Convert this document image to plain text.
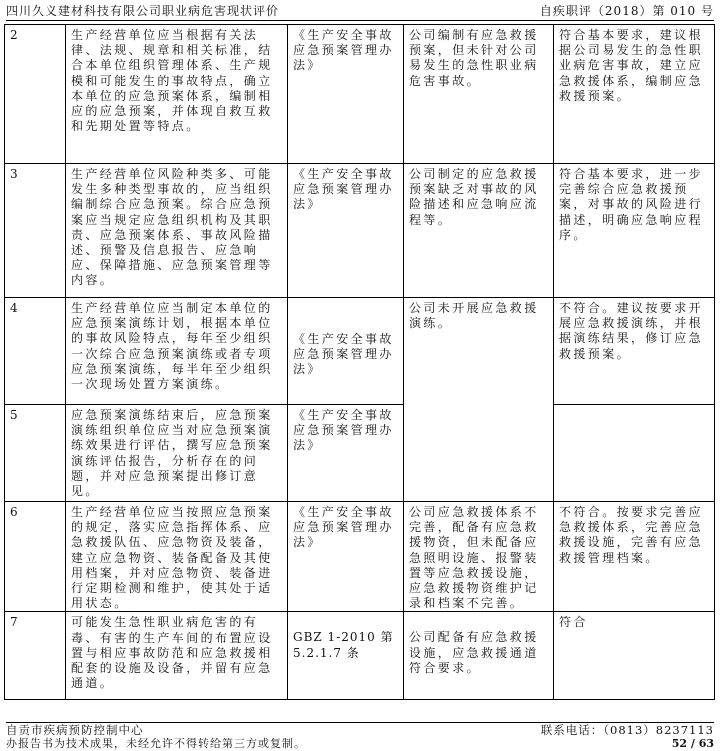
四川久义建材科技有限公司职业病危害现状评价	自疾职评（2018）第 010 号
2	生产经营单位应当根据有关法律、法规、规章和相关标准，结合本单位组织管理体系、生产规模和可能发生的事故特点，确立本单位的应急预案体系，编制相应的应急预案，并体现自救互救和先期处置等特点。	《生产安全事故应急预案管理办法》	公司编制有应急救援预案，但未针对公司易发生的急性职业病危害事故。	符合基本要求，建议根据公司易发生的急性职业病危害事故，建立应急救援体系，编制应急救援预案。
3	生产经营单位风险种类多、可能发生多种类型事故的，应当组织编制综合应急预案。综合应急预案应当规定应急组织机构及其职责、应急预案体系、事故风险描述、预警及信息报告、应急响应、保障措施、应急预案管理等内容。	《生产安全事故应急预案管理办法》	公司制定的应急救援预案缺乏对事故的风险描述和应急响应流程等。	符合基本要求，进一步完善综合应急救援预案，对事故的风险进行描述，明确应急响应程序。
4	生产经营单位应当制定本单位的应急预案演练计划，根据本单位的事故风险特点，每年至少组织一次综合应急预案演练或者专项应急预案演练，每半年至少组织一次现场处置方案演练。	《生产安全事故应急预案管理办法》	公司未开展应急救援演练。	不符合。建议按要求开展应急救援演练，并根据演练结果，修订应急救援预案。
5	应急预案演练结束后，应急预案演练组织单位应当对应急预案演练效果进行评估，撰写应急预案演练评估报告，分析存在的问题，并对应急预案提出修订意见。	《生产安全事故应急预案管理办法》		
6	生产经营单位应当按照应急预案的规定，落实应急指挥体系、应急救援队伍、应急物资及装备，建立应急物资、装备配备及其使用档案，并对应急物资、装备进行定期检测和维护，使其处于适用状态。	《生产安全事故应急预案管理办法》	公司应急救援体系不完善，配备有应急救援物资，但未配备应急照明设施、报警装置等应急救援设施，应急救援物资维护记录和档案不完善。	不符合。按要求完善应急救援体系，完善应急救援设施，完善有应急救援管理档案。
7	可能发生急性职业病危害的有毒、有害的生产车间的布置应设置与相应事故防范和应急救援相配套的设施及设备，并留有应急通道。	GBZ 1-2010 第 5.2.1.7 条	公司配备有应急救援设施，应急救援通道符合要求。	符合
自贡市疾病预防控制中心	联系电话：（0813）8237113
办报告书为技术成果，未经允许不得转给第三方或复制。	52 / 63
